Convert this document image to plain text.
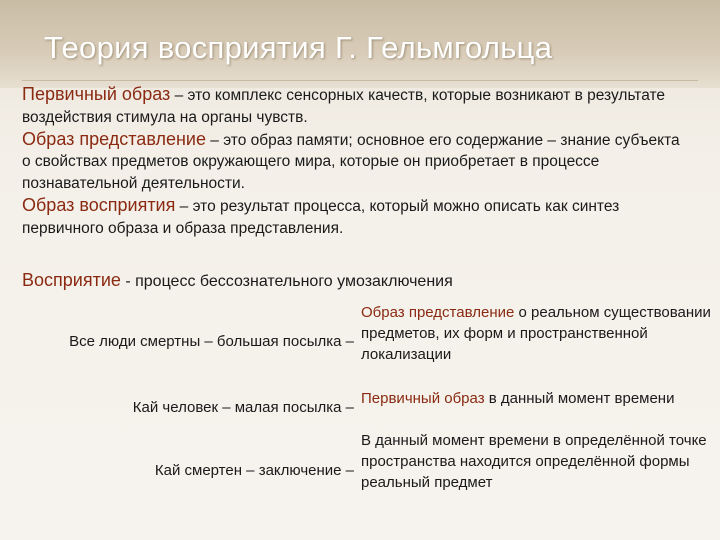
Теория восприятия Г. Гельмгольца

Первичный образ – это комплекс сенсорных качеств, которые возникают в результате воздействия стимула на органы чувств.

Образ представление – это образ памяти; основное его содержание – знание субъекта о свойствах предметов окружающего мира, которые он приобретает в процессе познавательной деятельности.

Образ восприятия – это результат процесса, который можно описать как синтез первичного образа и образа представления.

Восприятие - процесс бессознательного умозаключения
Все люди смертны – большая посылка –
Образ представление о реальном существовании предметов, их форм и пространственной локализации
Кай человек – малая посылка –
Первичный образ в данный момент времени
Кай смертен – заключение –
В данный момент времени в определённой точке пространства находится определённой формы реальный предмет
